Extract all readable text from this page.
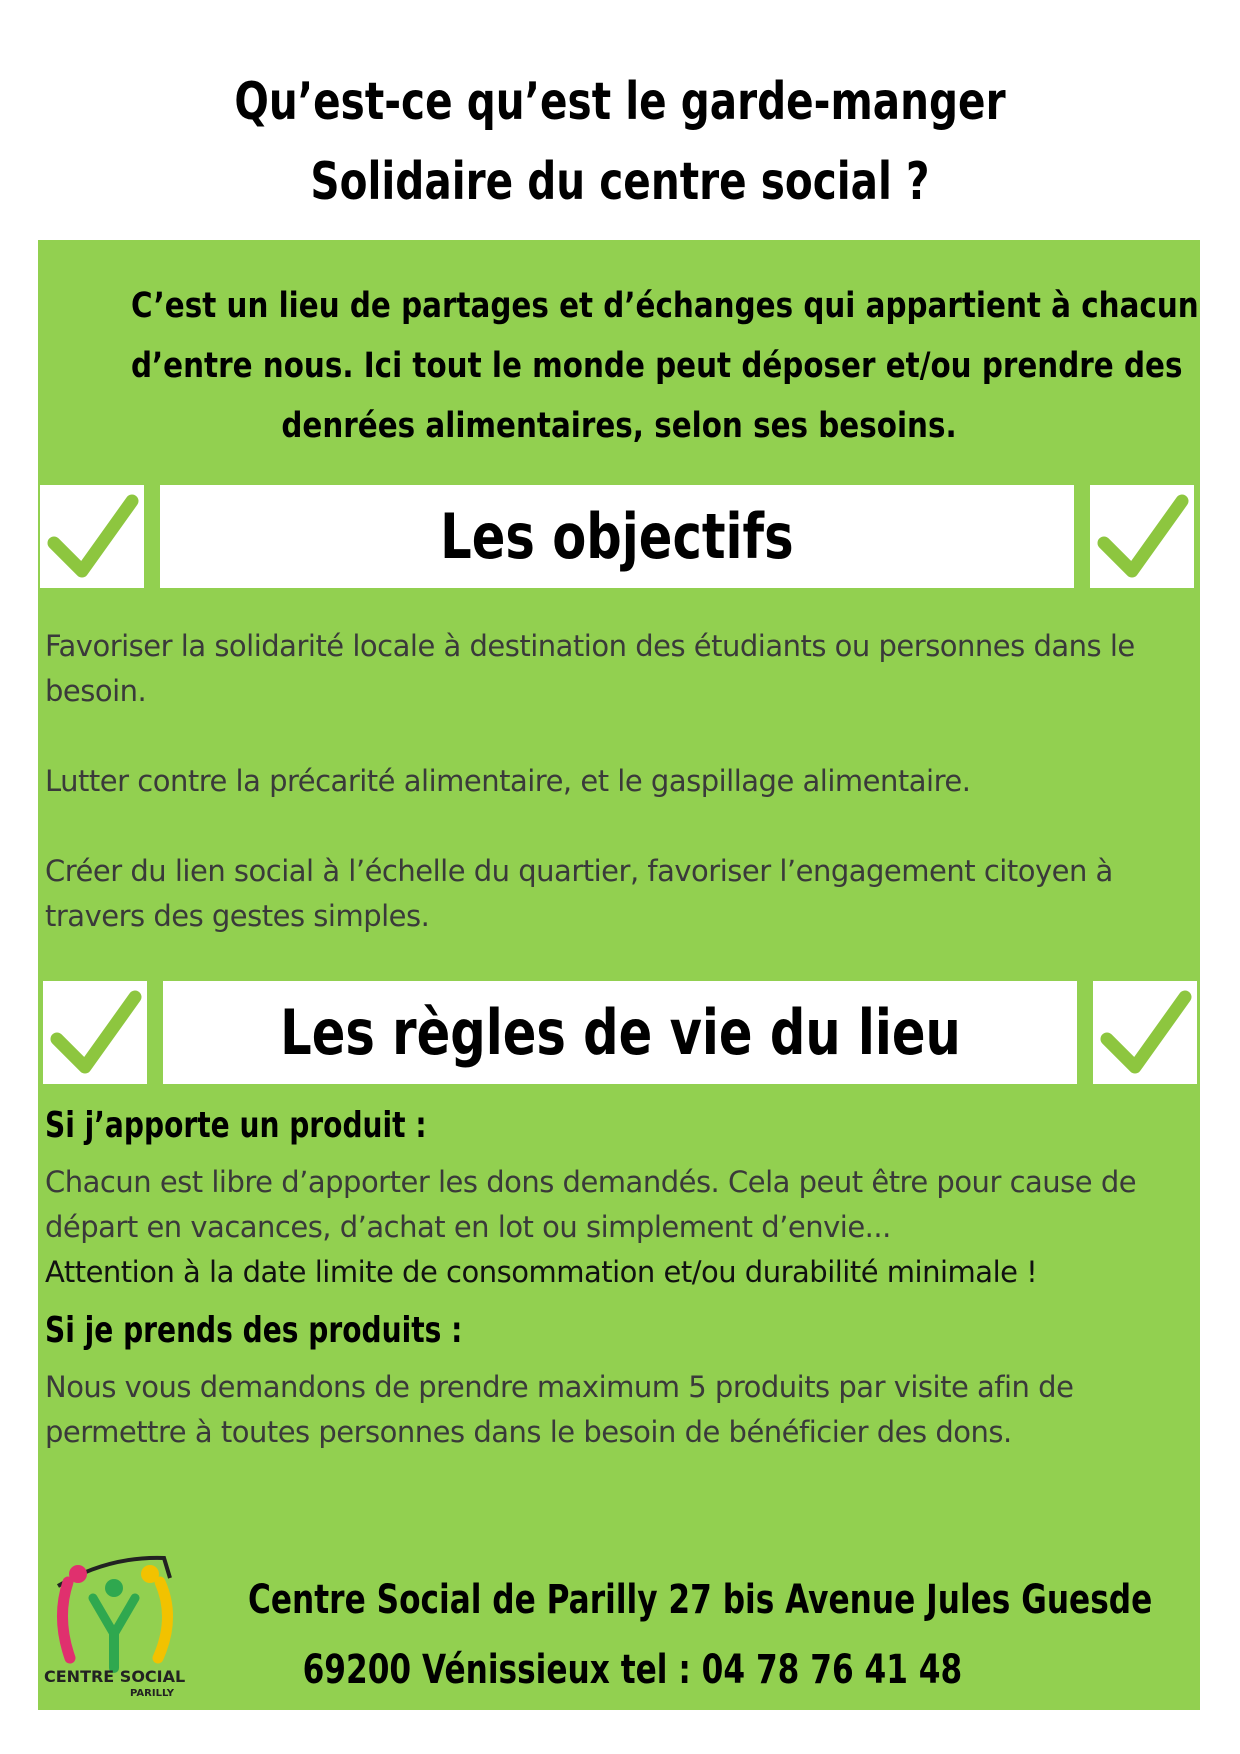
Qu’est-ce qu’est le garde-manger
Solidaire du centre social ?
C’est un lieu de partages et d’échanges qui appartient à chacun
d’entre nous. Ici tout le monde peut déposer et/ou prendre des
denrées alimentaires, selon ses besoins.
Les objectifs
Favoriser la solidarité locale à destination des étudiants ou personnes dans le
besoin.
Lutter contre la précarité alimentaire, et le gaspillage alimentaire.
Créer du lien social à l’échelle du quartier, favoriser l’engagement citoyen à
travers des gestes simples.
Les règles de vie du lieu
Si j’apporte un produit :
Chacun est libre d’apporter les dons demandés. Cela peut être pour cause de
départ en vacances, d’achat en lot ou simplement d’envie...
Attention à la date limite de consommation et/ou durabilité minimale !
Si je prends des produits :
Nous vous demandons de prendre maximum 5 produits par visite afin de
permettre à toutes personnes dans le besoin de bénéficier des dons.
CENTRE SOCIAL
PARILLY
Centre Social de Parilly 27 bis Avenue Jules Guesde
69200 Vénissieux tel : 04 78 76 41 48
